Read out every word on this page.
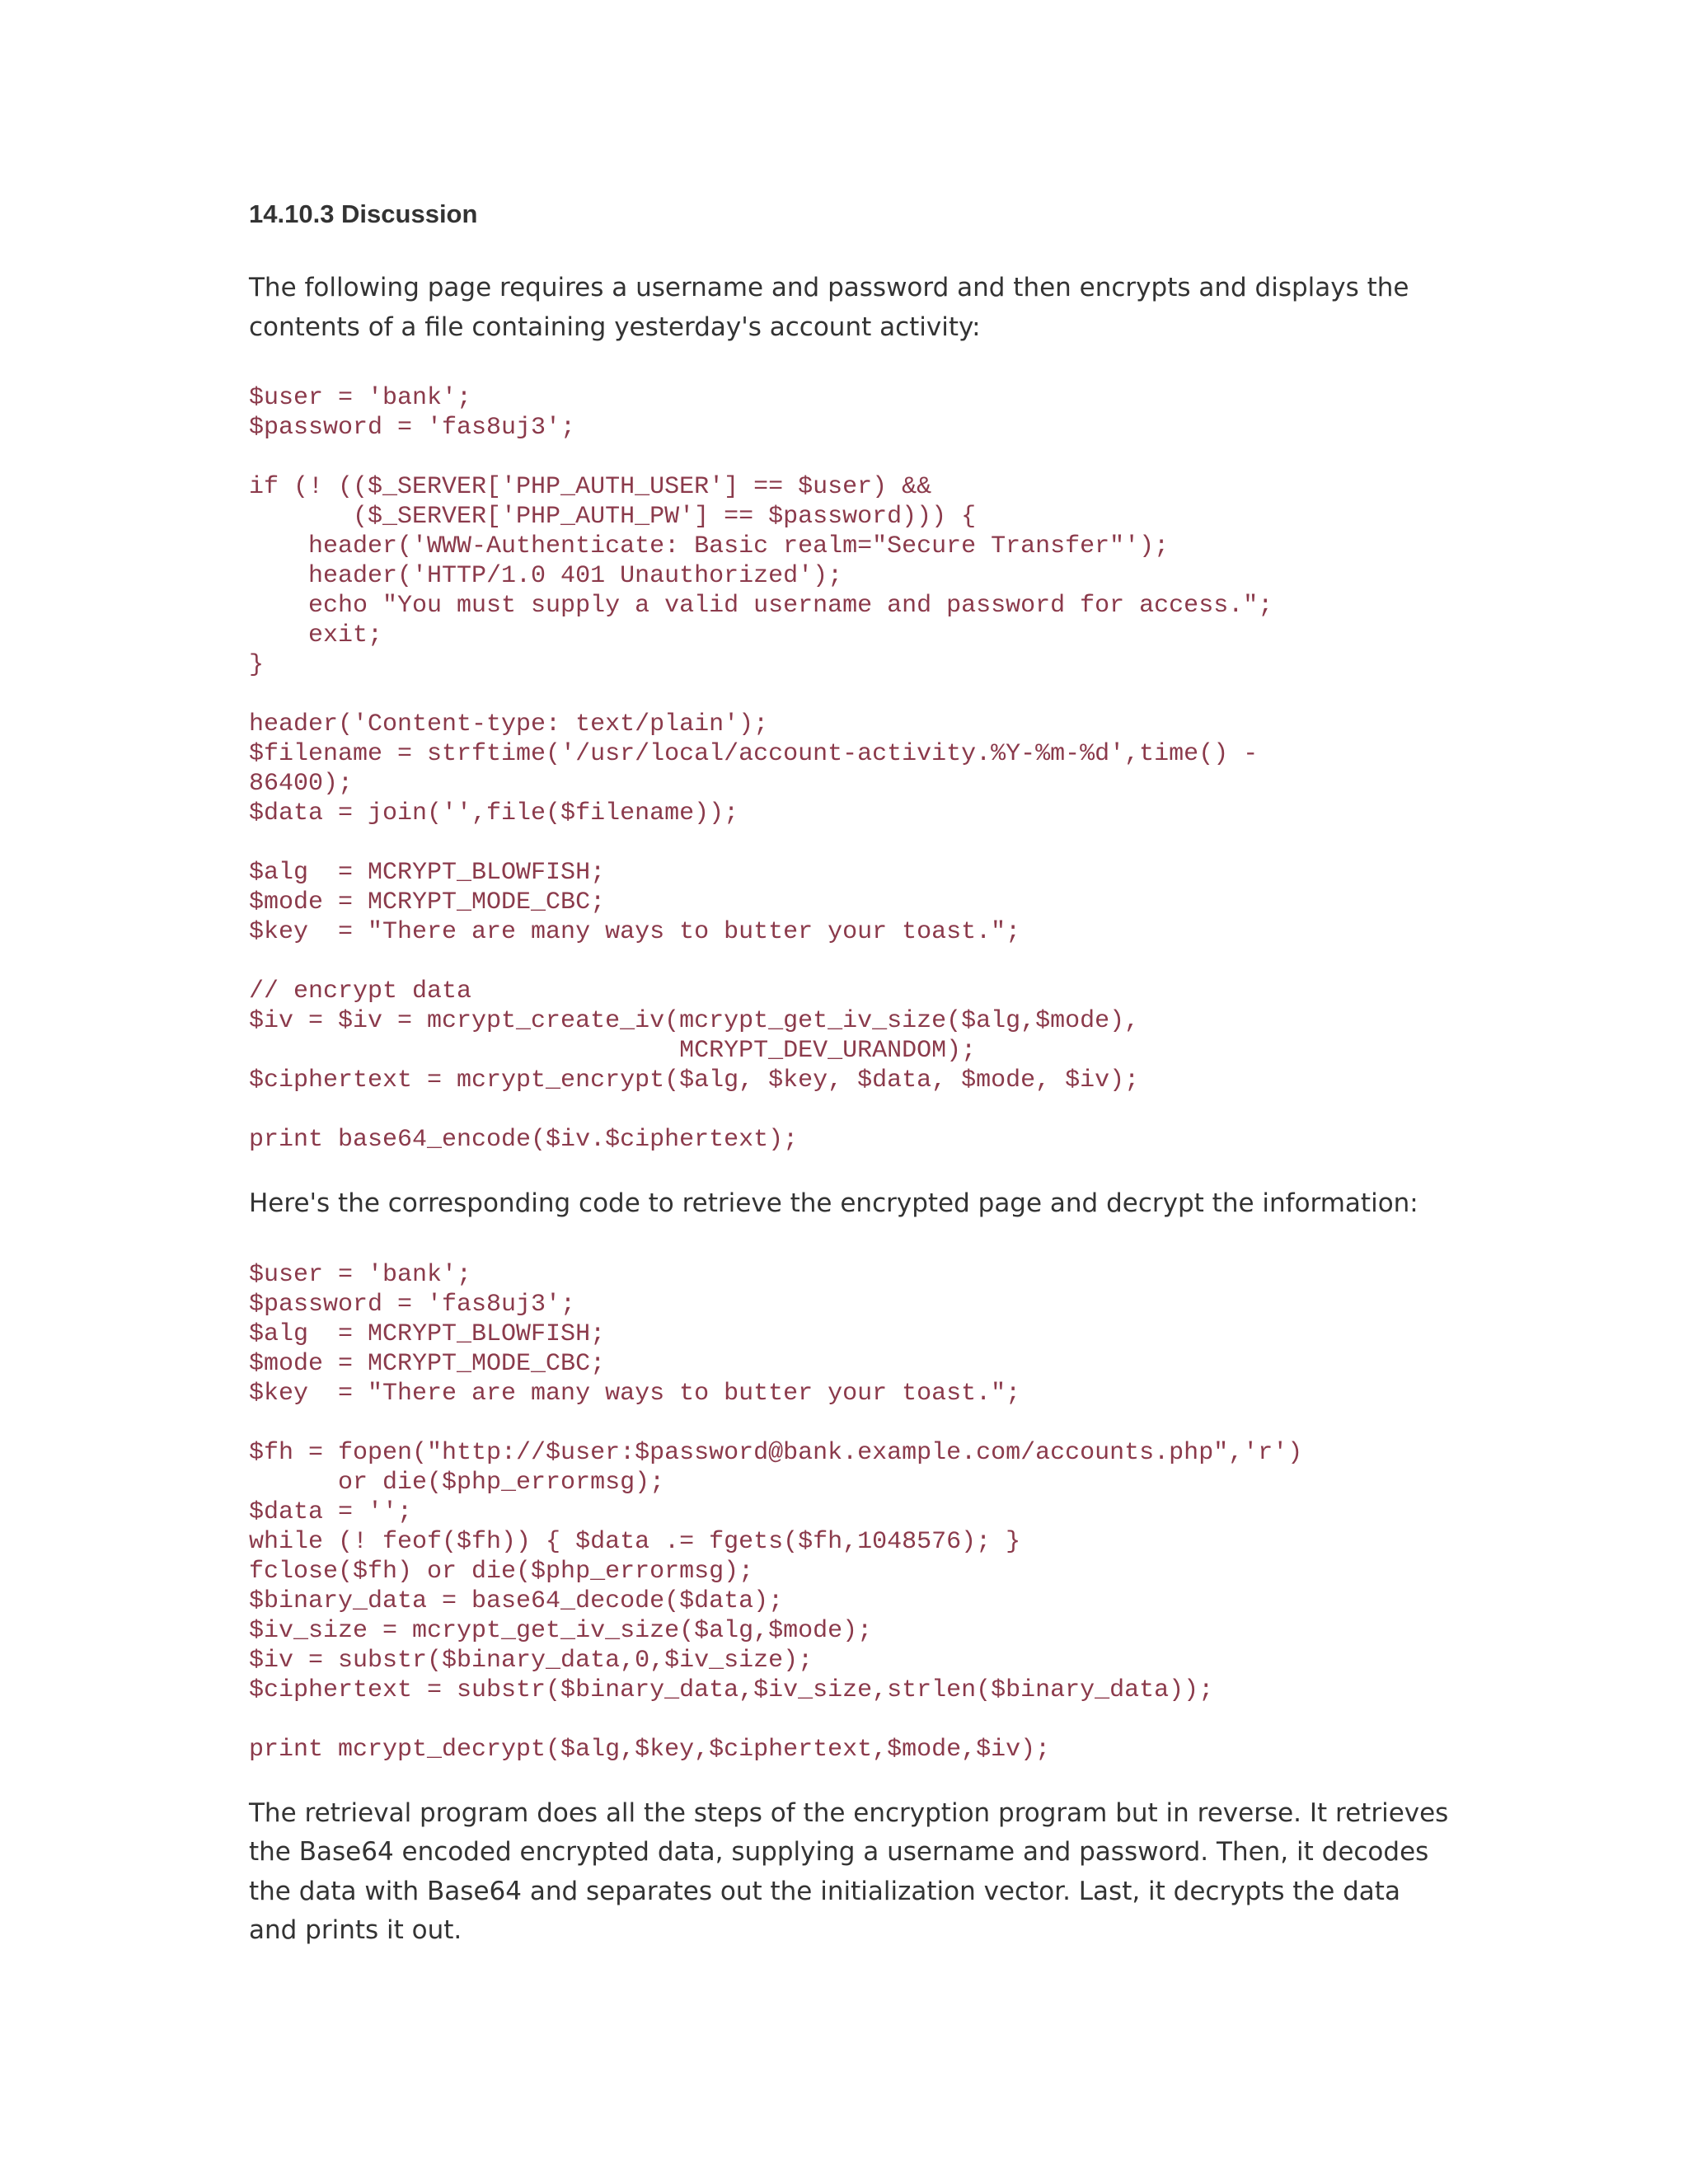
14.10.3 Discussion

The following page requires a username and password and then encrypts and displays the contents of a file containing yesterday's account activity:

$user = 'bank';
$password = 'fas8uj3';

if (! (($_SERVER['PHP_AUTH_USER'] == $user) &&
($_SERVER['PHP_AUTH_PW'] == $password))) {
header('WWW-Authenticate: Basic realm="Secure Transfer"');
header('HTTP/1.0 401 Unauthorized');
echo "You must supply a valid username and password for access.";
exit;
}

header('Content-type: text/plain');
$filename = strftime('/usr/local/account-activity.%Y-%m-%d',time() -
86400);
$data = join('',file($filename));

$alg  = MCRYPT_BLOWFISH;
$mode = MCRYPT_MODE_CBC;
$key  = "There are many ways to butter your toast.";

// encrypt data
$iv = $iv = mcrypt_create_iv(mcrypt_get_iv_size($alg,$mode),
MCRYPT_DEV_URANDOM);
$ciphertext = mcrypt_encrypt($alg, $key, $data, $mode, $iv);

print base64_encode($iv.$ciphertext);

Here's the corresponding code to retrieve the encrypted page and decrypt the information:

$user = 'bank';
$password = 'fas8uj3';
$alg  = MCRYPT_BLOWFISH;
$mode = MCRYPT_MODE_CBC;
$key  = "There are many ways to butter your toast.";

$fh = fopen("http://$user:$password@bank.example.com/accounts.php",'r')
or die($php_errormsg);
$data = '';
while (! feof($fh)) { $data .= fgets($fh,1048576); }
fclose($fh) or die($php_errormsg);
$binary_data = base64_decode($data);
$iv_size = mcrypt_get_iv_size($alg,$mode);
$iv = substr($binary_data,0,$iv_size);
$ciphertext = substr($binary_data,$iv_size,strlen($binary_data));

print mcrypt_decrypt($alg,$key,$ciphertext,$mode,$iv);

The retrieval program does all the steps of the encryption program but in reverse. It retrieves the Base64 encoded encrypted data, supplying a username and password. Then, it decodes the data with Base64 and separates out the initialization vector. Last, it decrypts the data and prints it out.
